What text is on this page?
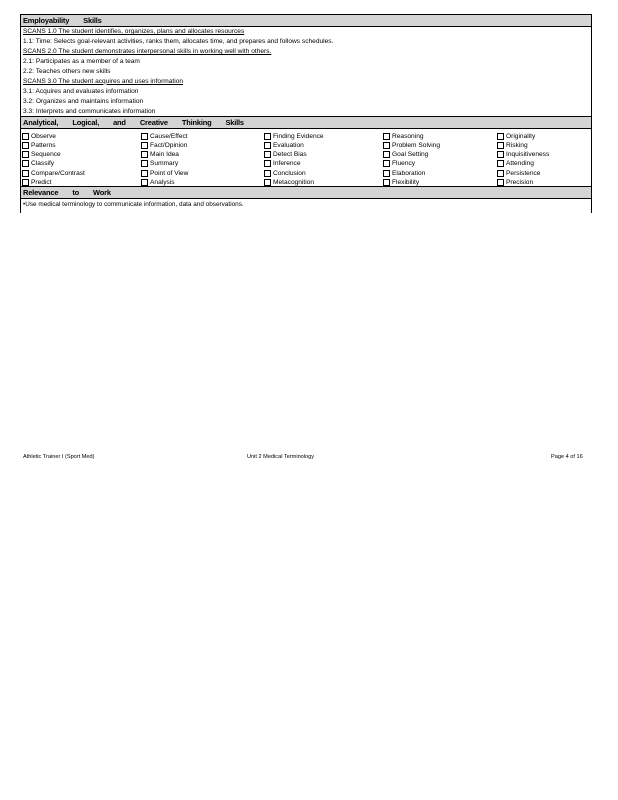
Employability Skills
SCANS 1.0 The student identifies, organizes, plans and allocates resources
1.1: Time: Selects goal-relevant activities, ranks them, allocates time, and prepares and follows schedules.
SCANS 2.0 The student demonstrates interpersonal skills in working well with others.
2.1: Participates as a member of a team
2.2: Teaches others new skills
SCANS 3.0 The student acquires and uses information
3.1: Acquires and evaluates information
3.2: Organizes and maintains information
3.3: Interprets and communicates information
Analytical, Logical, and Creative Thinking Skills
Observe
Patterns
Sequence
Classify
Compare/Contrast
Predict
Cause/Effect
Fact/Opinion
Main Idea
Summary
Point of View
Analysis
Finding Evidence
Evaluation
Detect Bias
Inference
Conclusion
Metacognition
Reasoning
Problem Solving
Goal Setting
Fluency
Elaboration
Flexibility
Originality
Risking
Inquisitiveness
Attending
Persistence
Precision
Relevance to Work
•Use medical terminology to communicate information, data and observations.
Athletic Trainer I (Sport Med)	Unit 2 Medical Terminology	Page 4 of 16
